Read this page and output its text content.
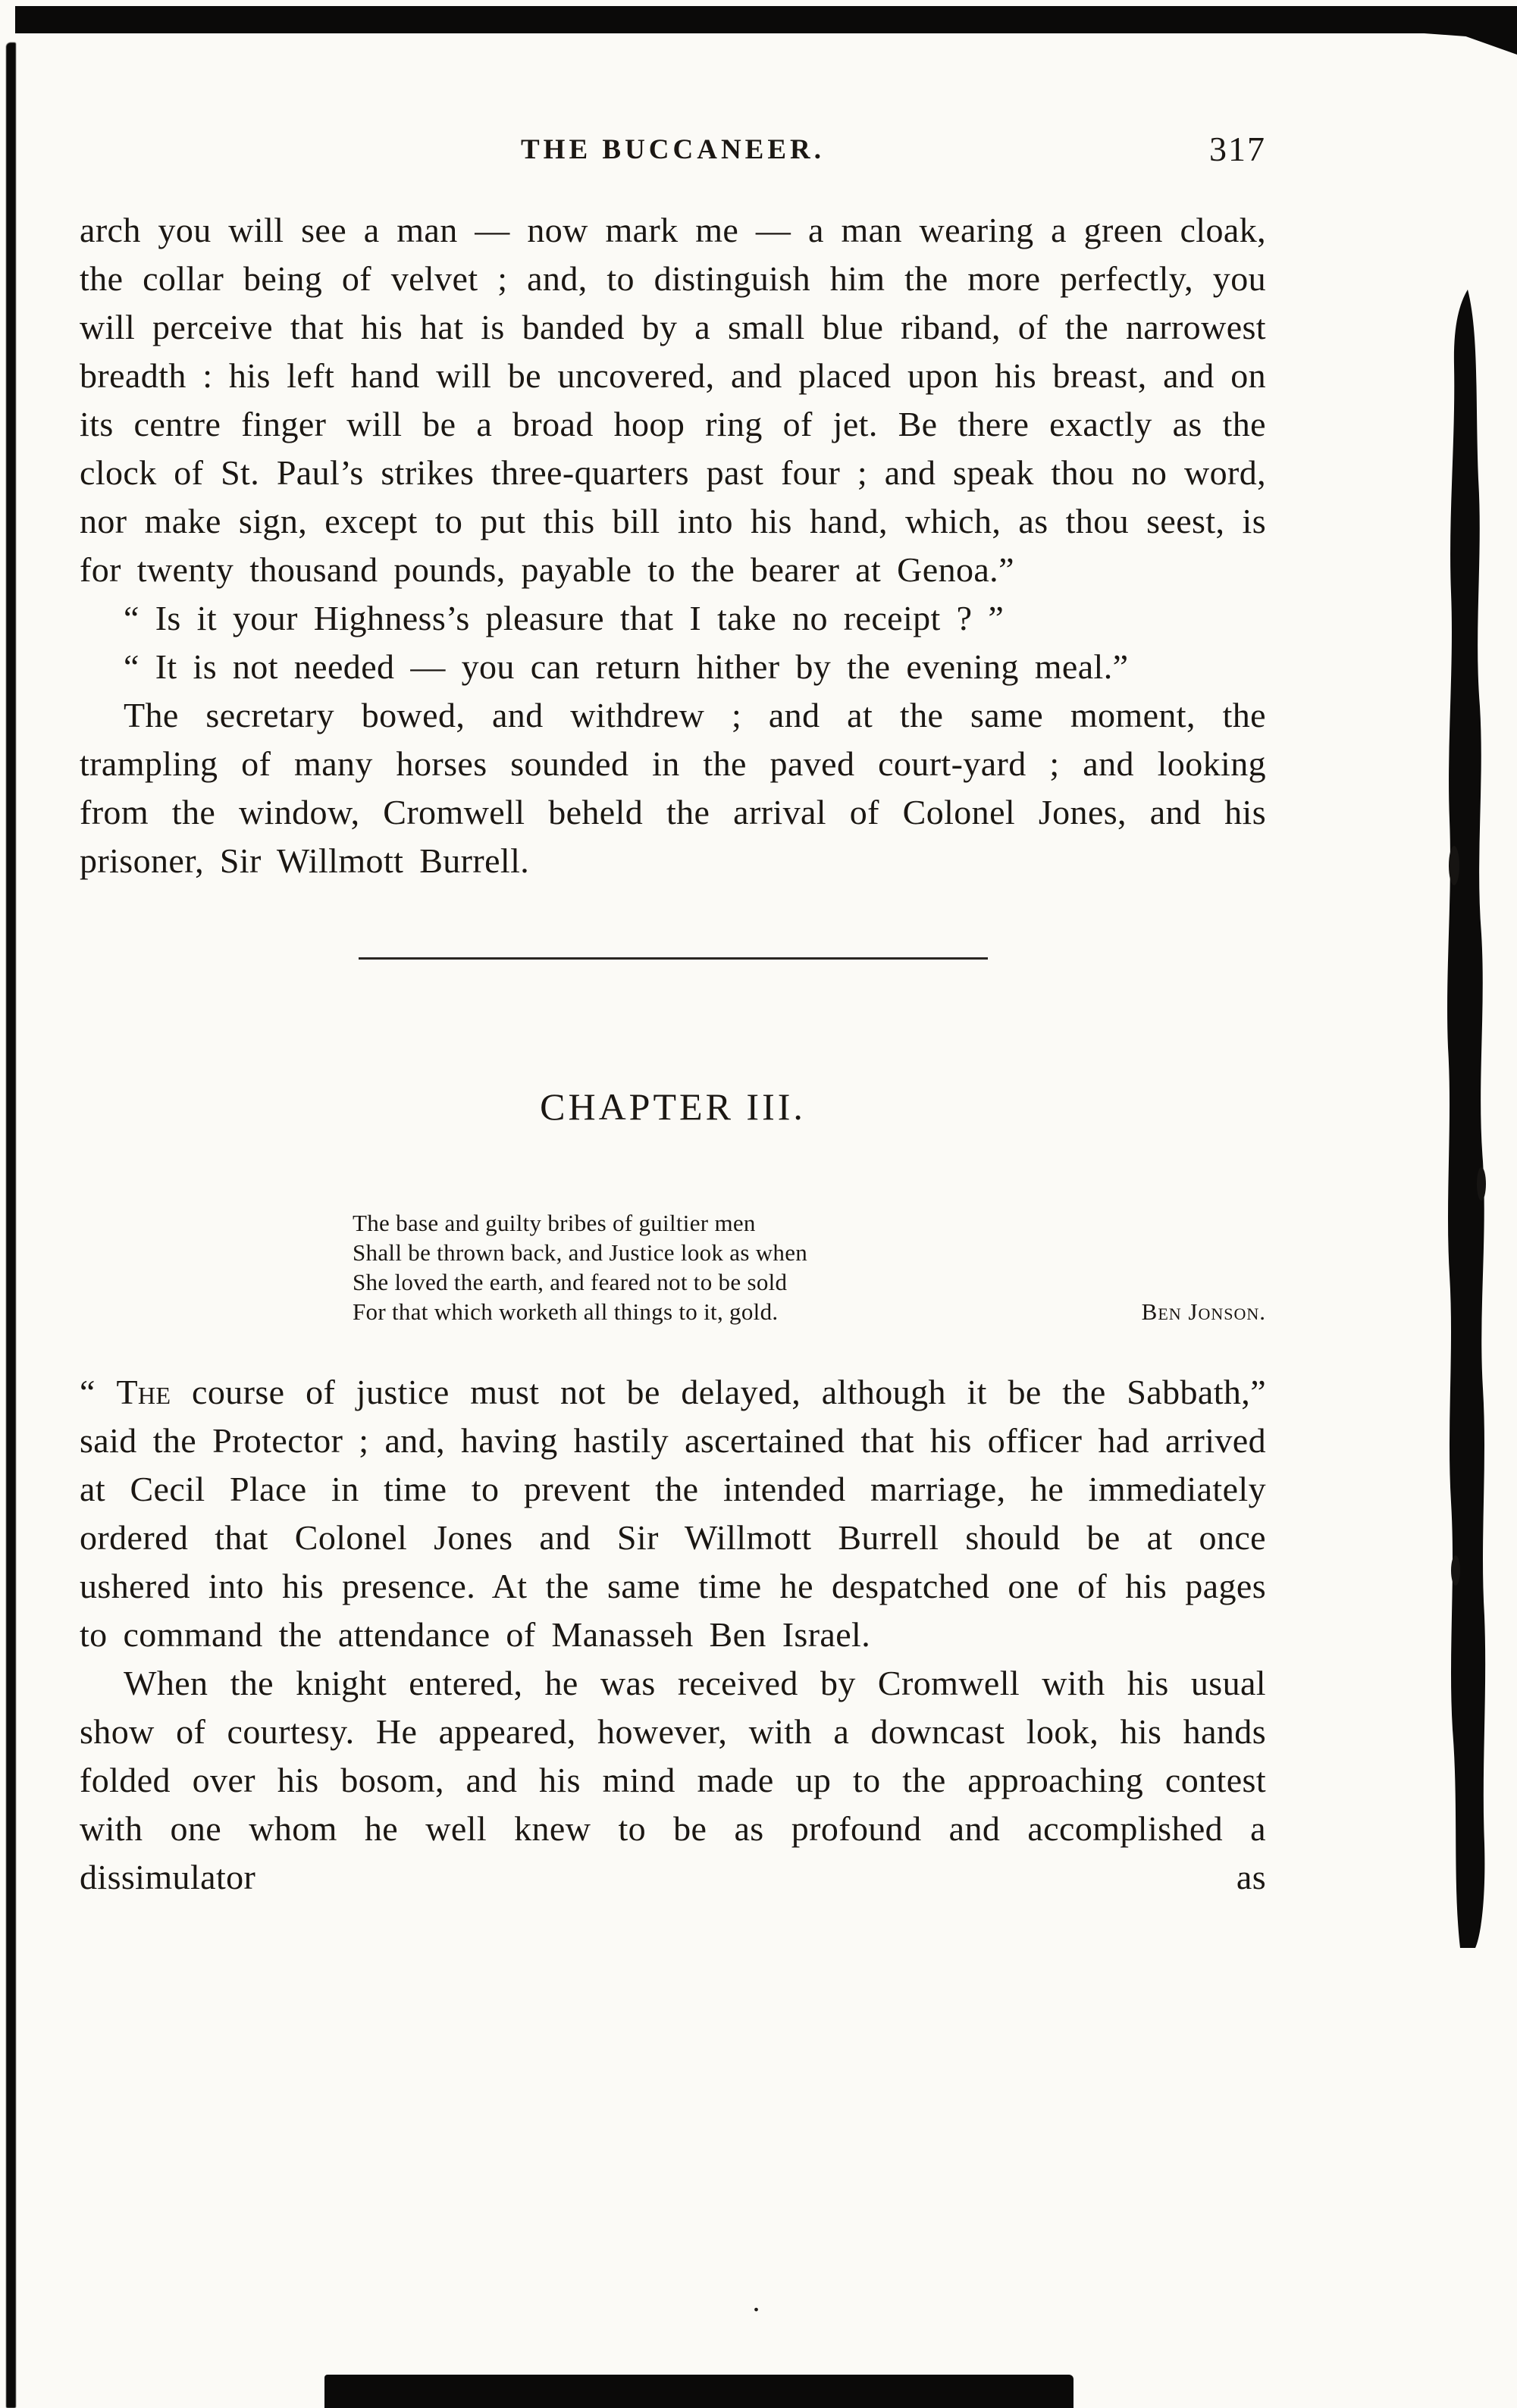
.
THE BUCCANEER.	317

arch you will see a man — now mark me — a man wearing a green cloak, the collar being of velvet ; and, to distinguish him the more perfectly, you will perceive that his hat is banded by a small blue riband, of the narrowest breadth : his left hand will be uncovered, and placed upon his breast, and on its centre finger will be a broad hoop ring of jet. Be there exactly as the clock of St. Paul’s strikes three-quarters past four ; and speak thou no word, nor make sign, except to put this bill into his hand, which, as thou seest, is for twenty thousand pounds, payable to the bearer at Genoa.”

“ Is it your Highness’s pleasure that I take no receipt ? ”

“ It is not needed — you can return hither by the evening meal.”

The secretary bowed, and withdrew ; and at the same moment, the trampling of many horses sounded in the paved court-yard ; and looking from the window, Cromwell beheld the arrival of Colonel Jones, and his prisoner, Sir Willmott Burrell.

CHAPTER III.
The base and guilty bribes of guiltier men
Shall be thrown back, and Justice look as when
She loved the earth, and feared not to be sold
For that which worketh all things to it, gold.	Ben Jonson.

“ The course of justice must not be delayed, although it be the Sabbath,” said the Protector ; and, having hastily ascertained that his officer had arrived at Cecil Place in time to prevent the intended marriage, he immediately ordered that Colonel Jones and Sir Willmott Burrell should be at once ushered into his presence. At the same time he despatched one of his pages to command the attendance of Manasseh Ben Israel.

When the knight entered, he was received by Cromwell with his usual show of courtesy. He appeared, however, with a downcast look, his hands folded over his bosom, and his mind made up to the approaching contest with one whom he well knew to be as profound and accomplished a dissimulator as
